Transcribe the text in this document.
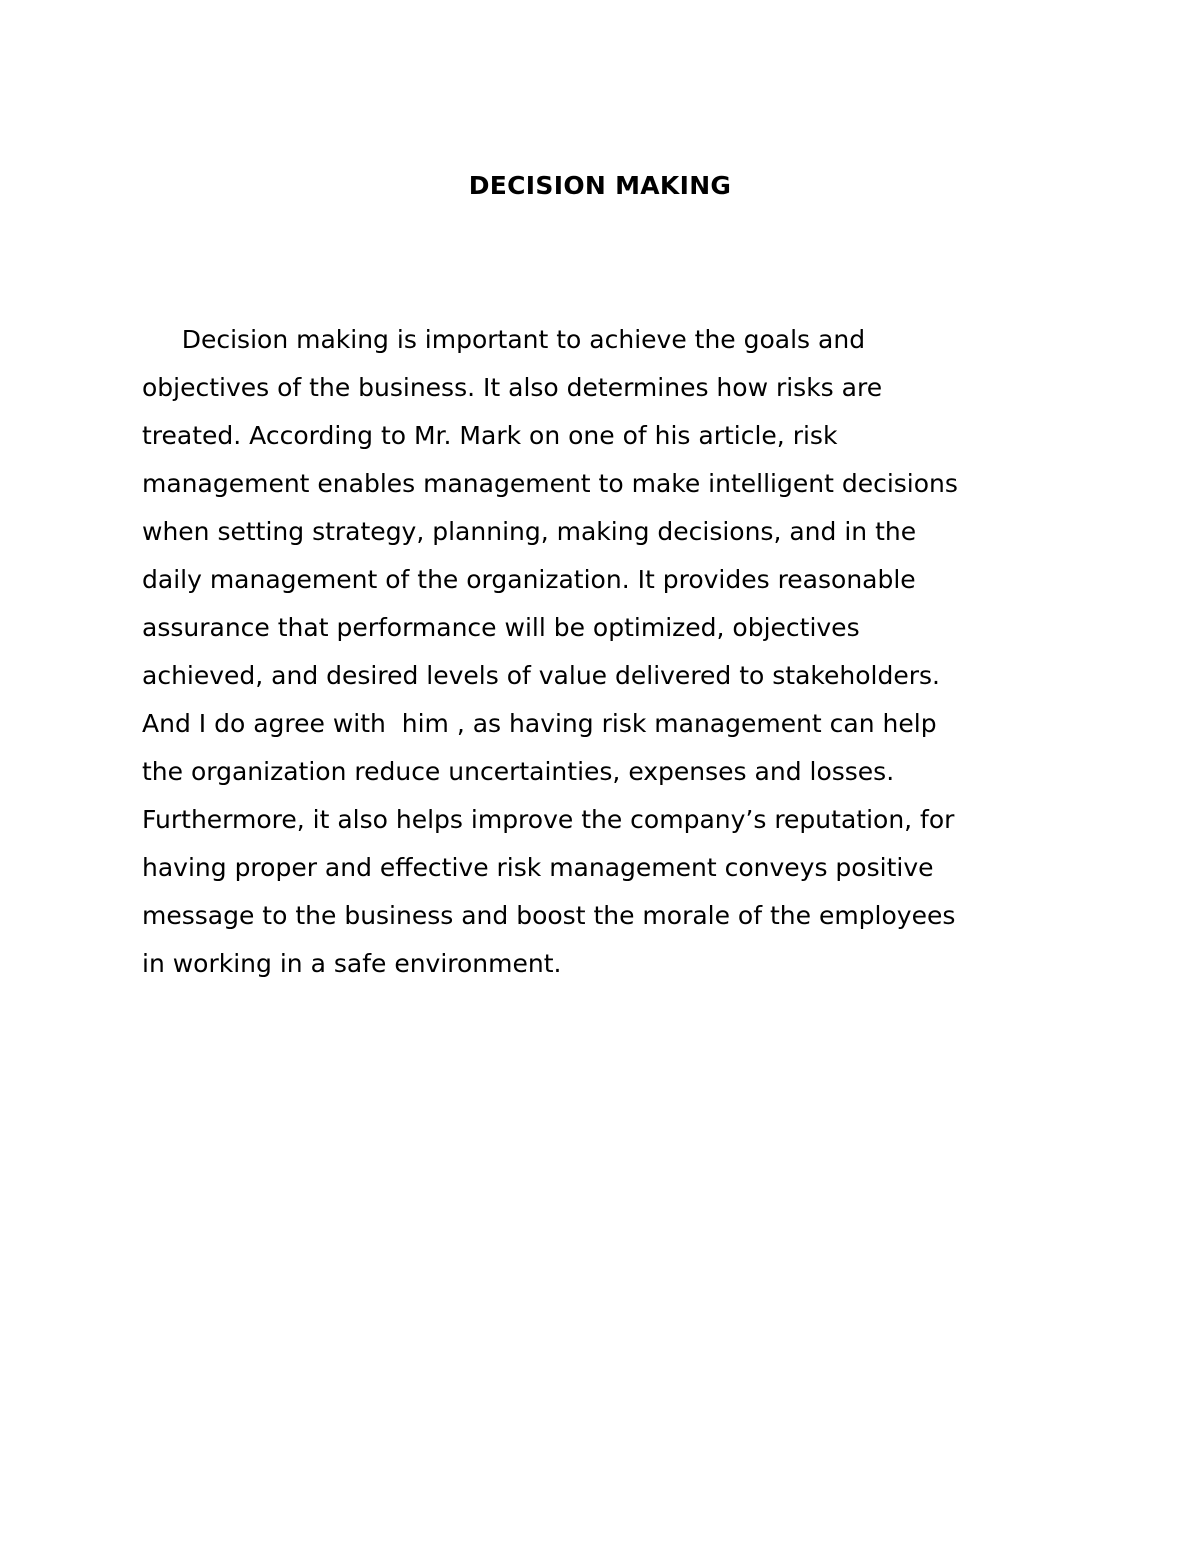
DECISION MAKING
Decision making is important to achieve the goals and
objectives of the business. It also determines how risks are
treated. According to Mr. Mark on one of his article, risk
management enables management to make intelligent decisions
when setting strategy, planning, making decisions, and in the
daily management of the organization. It provides reasonable
assurance that performance will be optimized, objectives
achieved, and desired levels of value delivered to stakeholders.
And I do agree with  him , as having risk management can help
the organization reduce uncertainties, expenses and losses.
Furthermore, it also helps improve the company’s reputation, for
having proper and effective risk management conveys positive
message to the business and boost the morale of the employees
in working in a safe environment.
